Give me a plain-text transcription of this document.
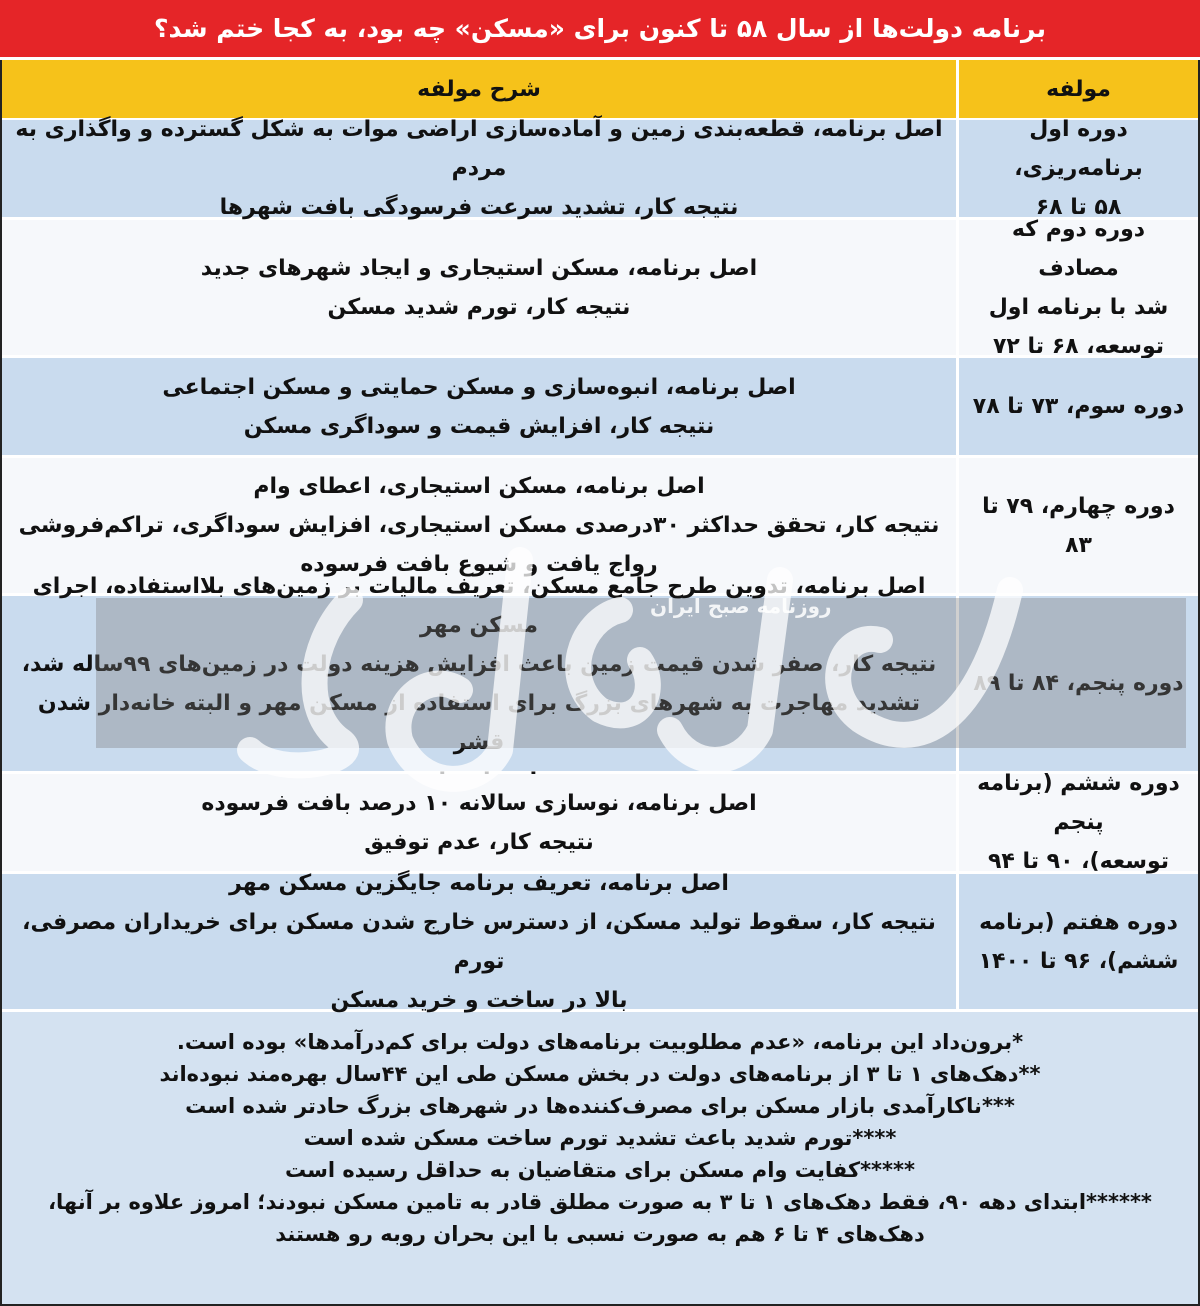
برنامه دولت‌ها از سال ۵۸ تا کنون برای «مسکن» چه بود، به کجا ختم شد؟
مولفه
شرح مولفه
دوره اول برنامه‌ریزی،
۵۸ تا ۶۸
اصل برنامه، قطعه‌بندی زمین و آماده‌سازی اراضی موات به شکل گسترده و واگذاری به مردم
نتیجه کار، تشدید سرعت فرسودگی بافت شهرها
دوره دوم که مصادف
شد با برنامه اول
توسعه، ۶۸ تا ۷۲
اصل برنامه، مسکن استیجاری و ایجاد شهرهای جدید
نتیجه کار، تورم شدید مسکن
دوره سوم، ۷۳ تا ۷۸
اصل برنامه، انبوه‌سازی و مسکن حمایتی و مسکن اجتماعی
نتیجه کار، افزایش قیمت و سوداگری مسکن
دوره چهارم، ۷۹ تا ۸۳
اصل برنامه، مسکن استیجاری، اعطای وام
نتیجه کار، تحقق حداکثر ۳۰درصدی مسکن استیجاری، افزایش سوداگری، تراکم‌فروشی
رواج یافت و شیوع بافت فرسوده
دوره پنجم، ۸۴ تا ۸۹
اصل برنامه، تدوین طرح جامع مسکن، تعریف مالیات بر زمین‌های بلااستفاده، اجرای مسکن مهر
نتیجه کار، صفر شدن قیمت زمین باعث افزایش هزینه دولت در زمین‌های ۹۹ساله شد،
تشدید مهاجرت به شهرهای بزرگ برای استفاده از مسکن مهر و البته خانه‌دار شدن قشر
دوره ششم (برنامه پنجم
توسعه)، ۹۰ تا ۹۴
اصل برنامه، نوسازی سالانه ۱۰ درصد بافت فرسوده
نتیجه کار، عدم توفیق
دوره هفتم (برنامه
ششم)، ۹۶ تا ۱۴۰۰
اصل برنامه، تعریف برنامه جایگزین مسکن مهر
نتیجه کار، سقوط تولید مسکن، از دسترس خارج شدن مسکن برای خریداران مصرفی، تورم
بالا در ساخت و خرید مسکن
*برون‌داد این برنامه، «عدم مطلوبیت برنامه‌های دولت برای کم‌درآمدها» بوده است.
**دهک‌های ۱ تا ۳ از برنامه‌های دولت در بخش مسکن طی این ۴۴سال بهره‌مند نبوده‌اند
***ناکارآمدی بازار مسکن برای مصرف‌کننده‌ها در شهرهای بزرگ حادتر شده است
****تورم شدید باعث تشدید تورم ساخت مسکن شده است
*****کفایت وام مسکن برای متقاضیان به حداقل رسیده است
******ابتدای دهه ۹۰، فقط دهک‌های ۱ تا ۳ به صورت مطلق قادر به تامین مسکن نبودند؛ امروز علاوه بر آنها،
دهک‌های ۴ تا ۶ هم به صورت نسبی با این بحران روبه رو هستند
روزنامه صبح ایران
